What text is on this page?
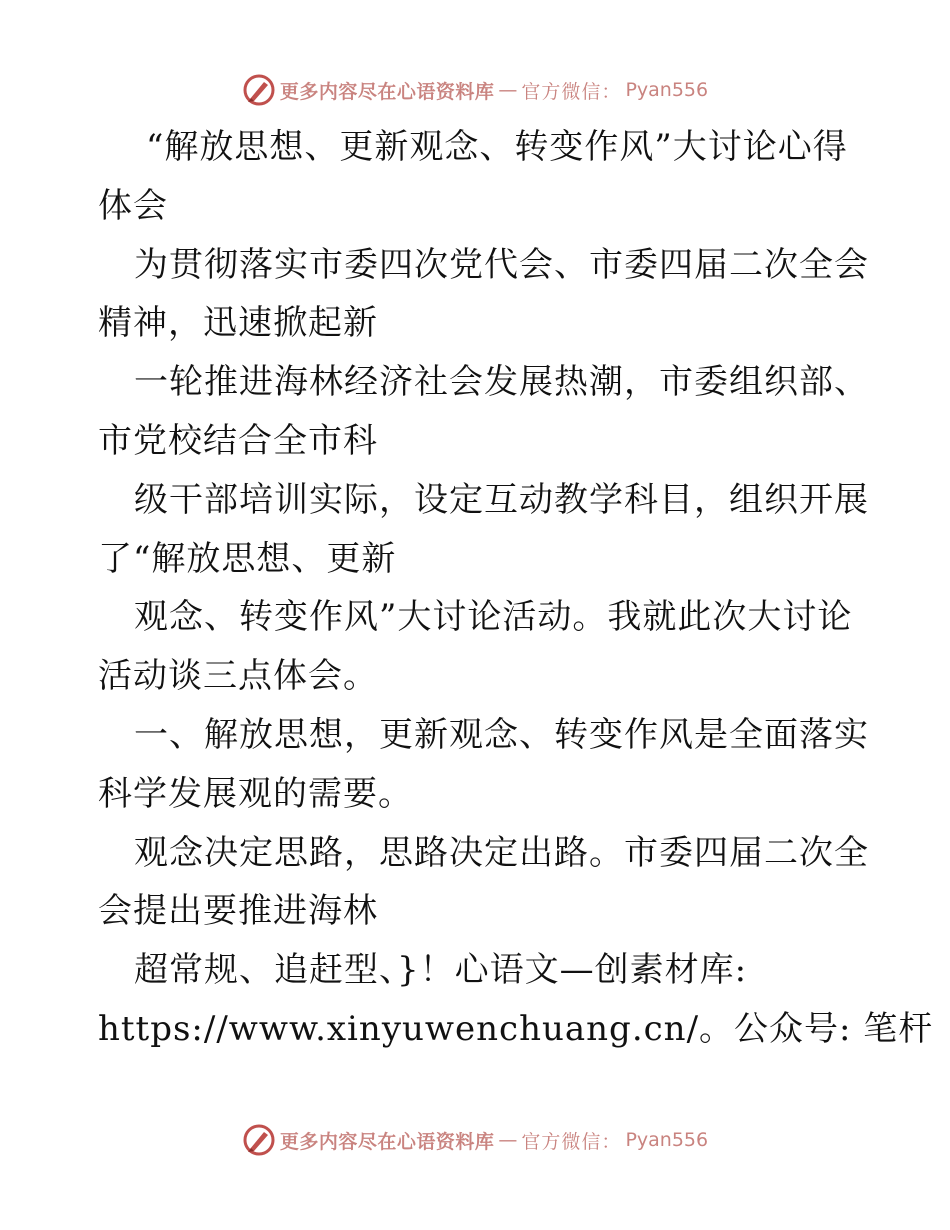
更多内容尽在心语资料库 — 官方微信： Pyan556
“解放思想、更新观念、转变作风”大讨论心得
体会
为贯彻落实市委四次党代会、市委四届二次全会
精神，迅速掀起新
一轮推进海林经济社会发展热潮，市委组织部、
市党校结合全市科
级干部培训实际，设定互动教学科目，组织开展
了“解放思想、更新
观念、转变作风”大讨论活动。我就此次大讨论
活动谈三点体会。
一、解放思想，更新观念、转变作风是全面落实
科学发展观的需要。
观念决定思路，思路决定出路。市委四届二次全
会提出要推进海林
超常规、追赶型、}！心语文—创素材库:
https://www.xinyuwenchuang.cn/。公众号: 笔杆
更多内容尽在心语资料库 — 官方微信： Pyan556
